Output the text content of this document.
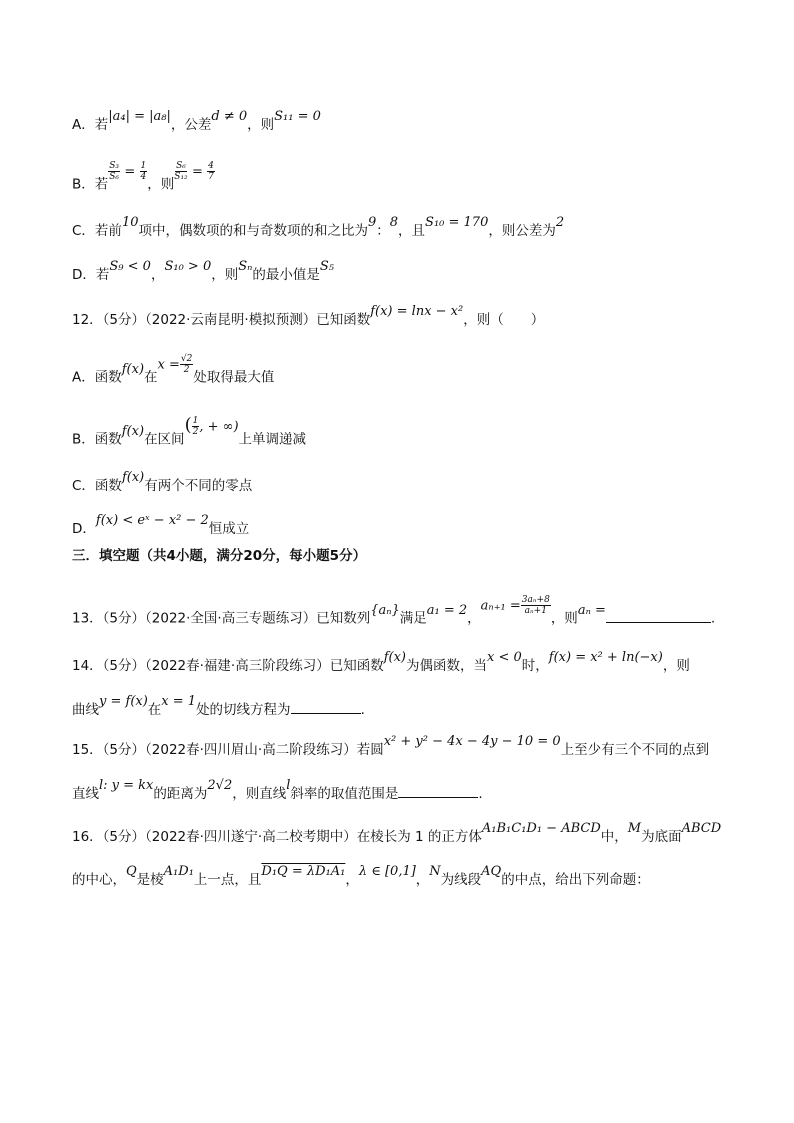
A．若|a₄| = |a₈|，公差d ≠ 0，则S₁₁ = 0
B．若
$\frac{\text{S₃}}{\text{S₆}} = \frac{1}{4}$
，则
$\frac{\text{S₆}}{\text{S₁₂}} = \frac{4}{7}$
C．若前10项中，偶数项的和与奇数项的和之比为9：8，且S₁₀ = 170，则公差为2
D．若S₉ < 0，S₁₀ > 0，则Sₙ的最小值是S₅
12．（5分）（2022·云南昆明·模拟预测）已知函数f(x) = lnx − x²，则（　　）
A．函数f(x)在$x = \frac{√2}{2}$
处取得最大值
B．函数f(x)在区间( $\frac{1}{2}$ , + ∞)上单调递减
C．函数f(x)有两个不同的零点
D．f(x) < eˣ − x² − 2恒成立
三．填空题（共4小题，满分20分，每小题5分）
13．（5分）（2022·全国·高三专题练习）已知数列{aₙ}满足a₁ = 2，$a_{n+1} = \frac{\text{3aₙ+8}}{\text{aₙ+1}}$
，则aₙ =.
14．（5分）（2022春·福建·高三阶段练习）已知函数f(x)为偶函数，当x < 0时，f(x) = x² + ln(−x)，则
曲线y = f(x)在x = 1处的切线方程为	.
15．（5分）（2022春·四川眉山·高二阶段练习）若圆x² + y² − 4x − 4y − 10 = 0上至少有三个不同的点到
直线l: y = kx的距离为2√2，则直线l斜率的取值范围是	.
16．（5分）（2022春·四川遂宁·高二校考期中）在棱长为 1 的正方体A₁B₁C₁D₁ − ABCD中，M为底面ABCD
的中心，Q是棱A₁D₁上一点，且D₁Q = λD₁A₁，λ ∈ [0,1]，N为线段AQ的中点，给出下列命题：
